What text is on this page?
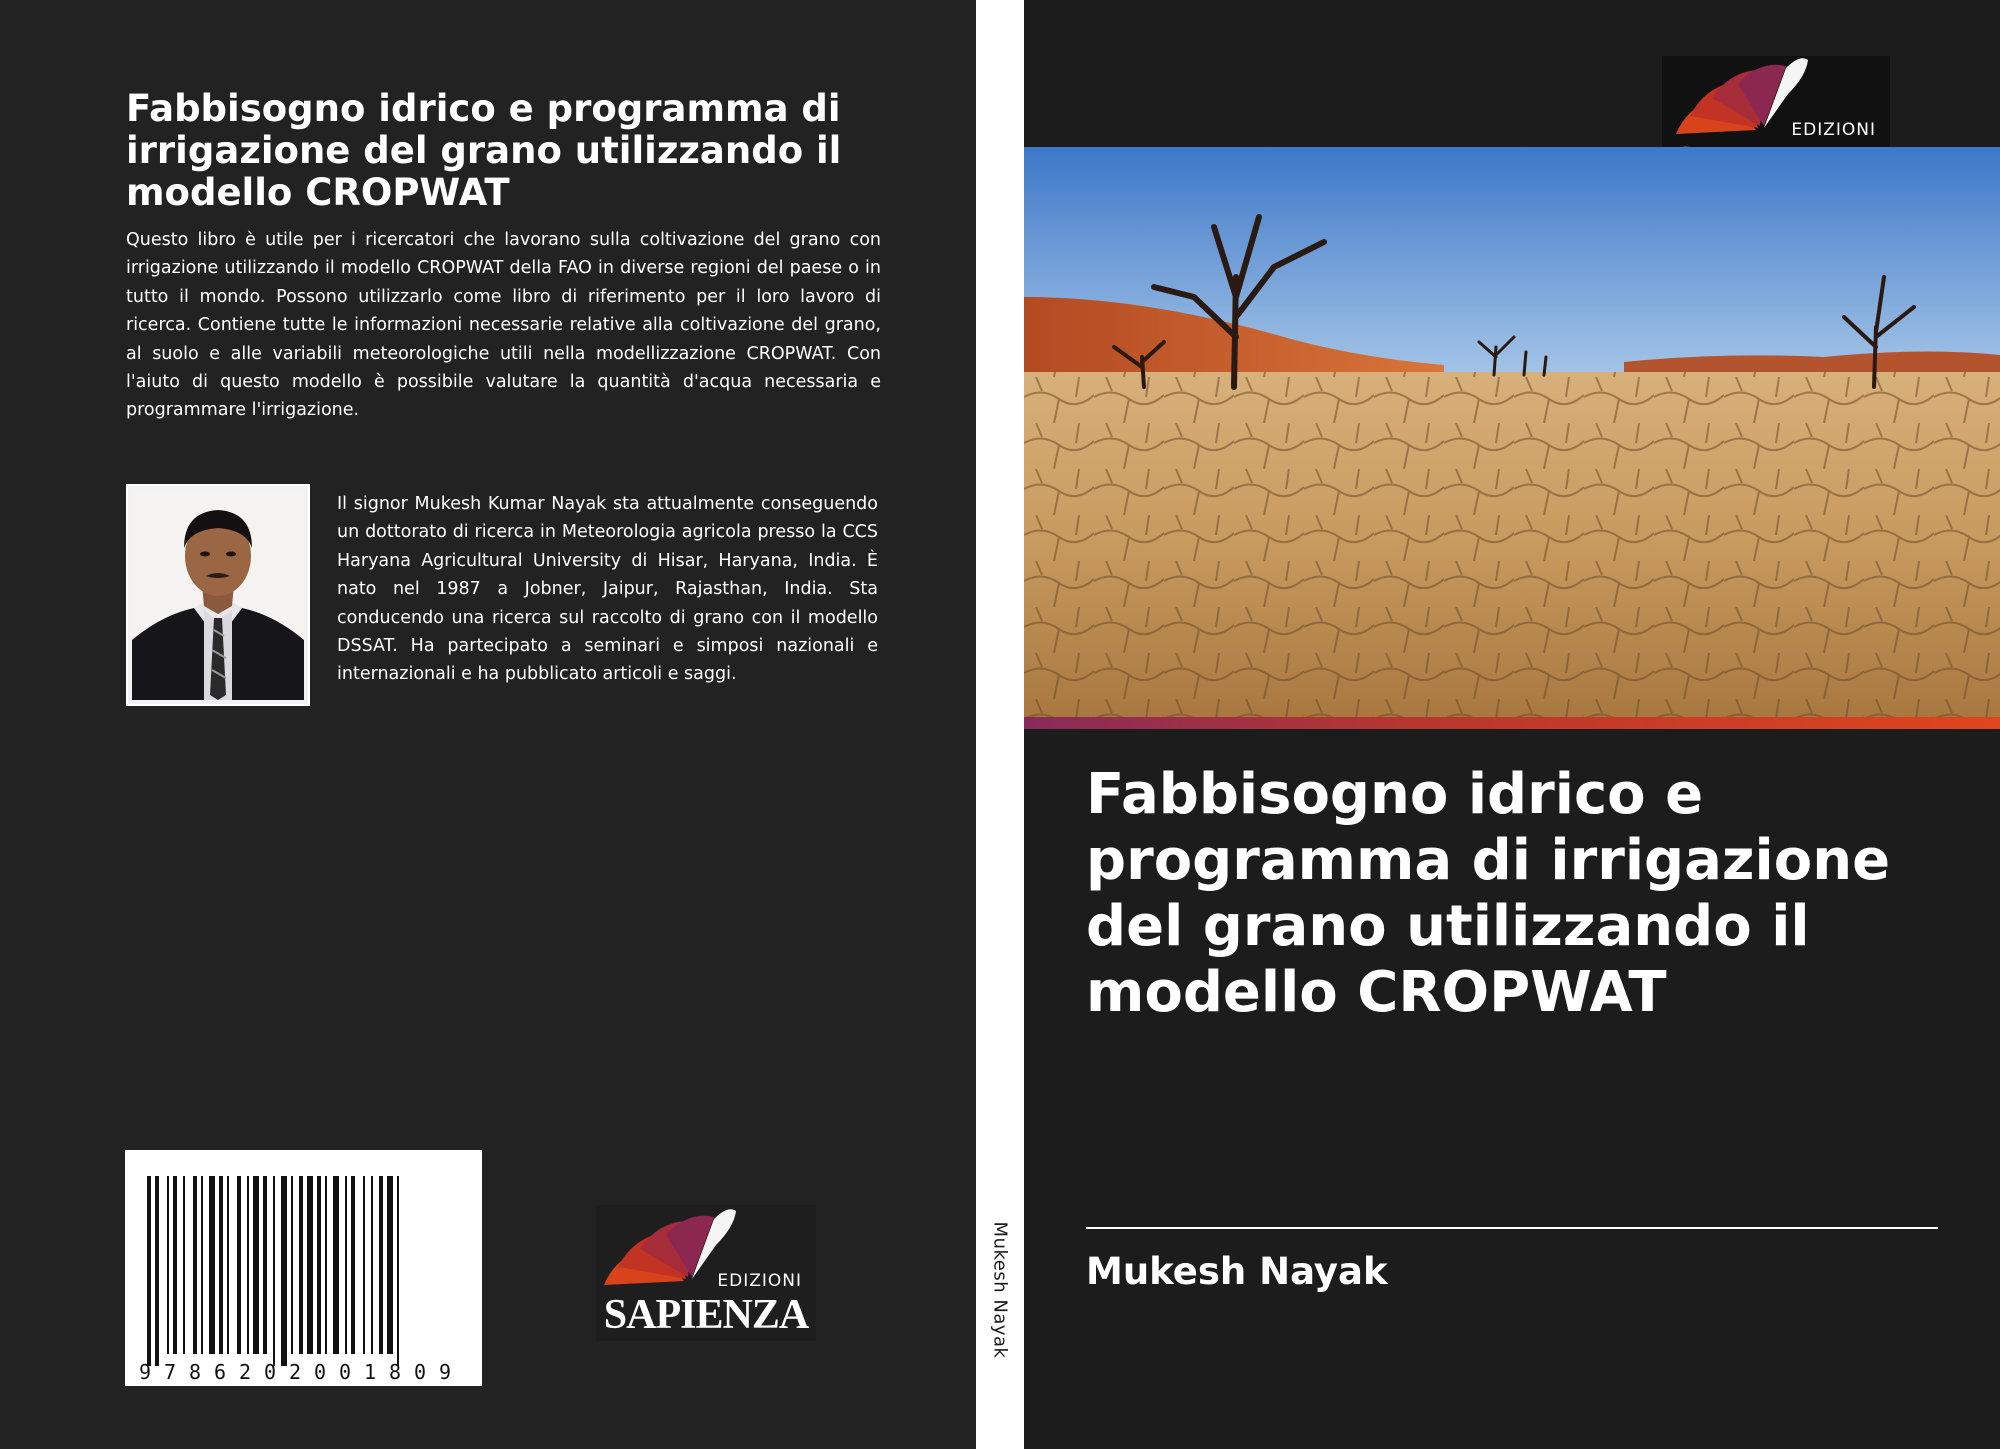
Fabbisogno idrico e programma di irrigazione del grano utilizzando il modello CROPWAT

Questo libro è utile per i ricercatori che lavorano sulla coltivazione del grano con irrigazione utilizzando il modello CROPWAT della FAO in diverse regioni del paese o in tutto il mondo. Possono utilizzarlo come libro di riferimento per il loro lavoro di ricerca. Contiene tutte le informazioni necessarie relative alla coltivazione del grano, al suolo e alle variabili meteorologiche utili nella modellizzazione CROPWAT. Con l'aiuto di questo modello è possibile valutare la quantità d'acqua necessaria e programmare l'irrigazione.

Il signor Mukesh Kumar Nayak sta attualmente conseguendo un dottorato di ricerca in Meteorologia agricola presso la CCS Haryana Agricultural University di Hisar, Haryana, India. È nato nel 1987 a Jobner, Jaipur, Rajasthan, India. Sta conducendo una ricerca sul raccolto di grano con il modello DSSAT. Ha partecipato a seminari e simposi nazionali e internazionali e ha pubblicato articoli e saggi.

9 7 8 6 2 0 2 0 0 1 8 0 9
EDIZIONI
SAPIENZA	Mukesh Nayak
EDIZIONI
Fabbisogno idrico e programma di irrigazione del grano utilizzando il modello CROPWAT

Mukesh Nayak
